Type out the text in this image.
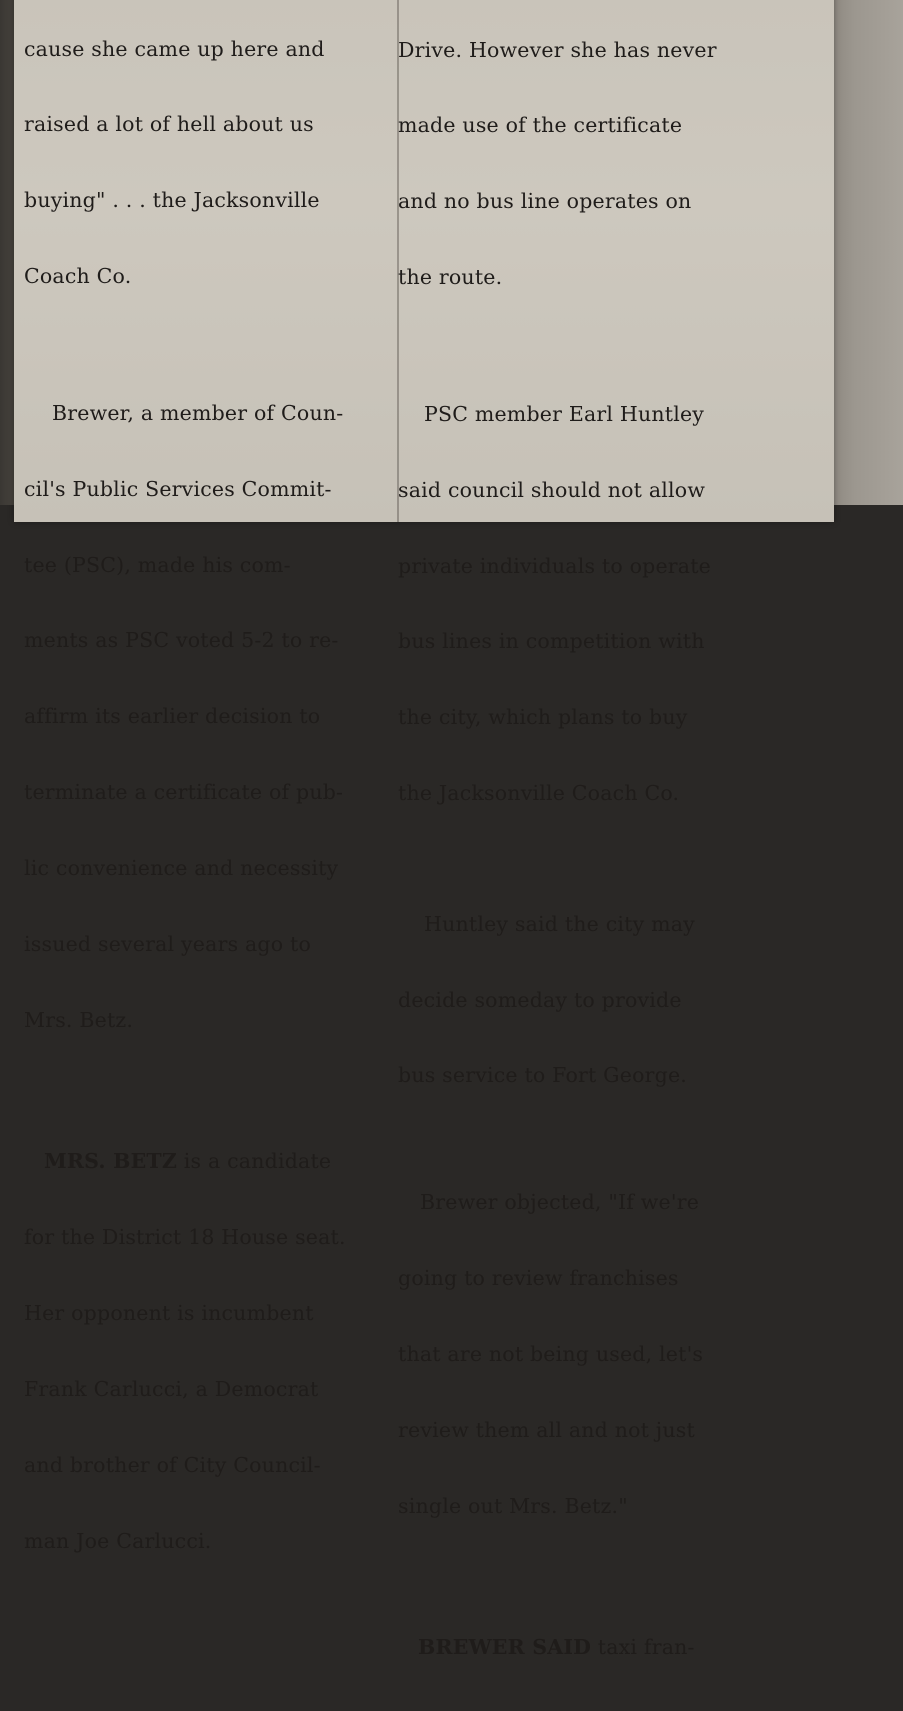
cause she came up here and

raised a lot of hell about us

buying" . . . the Jacksonville

Coach Co.

Brewer, a member of Coun-

cil's Public Services Commit-

tee (PSC), made his com-

ments as PSC voted 5-2 to re-

affirm its earlier decision to

terminate a certificate of pub-

lic convenience and necessity

issued several years ago to

Mrs. Betz.

MRS. BETZ is a candidate

for the District 18 House seat.

Her opponent is incumbent

Frank Carlucci, a Democrat

and brother of City Council-

man Joe Carlucci.

Drive. However she has never

made use of the certificate

and no bus line operates on

the route.

PSC member Earl Huntley

said council should not allow

private individuals to operate

bus lines in competition with

the city, which plans to buy

the Jacksonville Coach Co.

Huntley said the city may

decide someday to provide

bus service to Fort George.

Brewer objected, "If we're

going to review franchises

that are not being used, let's

review them all and not just

single out Mrs. Betz."

BREWER SAID taxi fran-
